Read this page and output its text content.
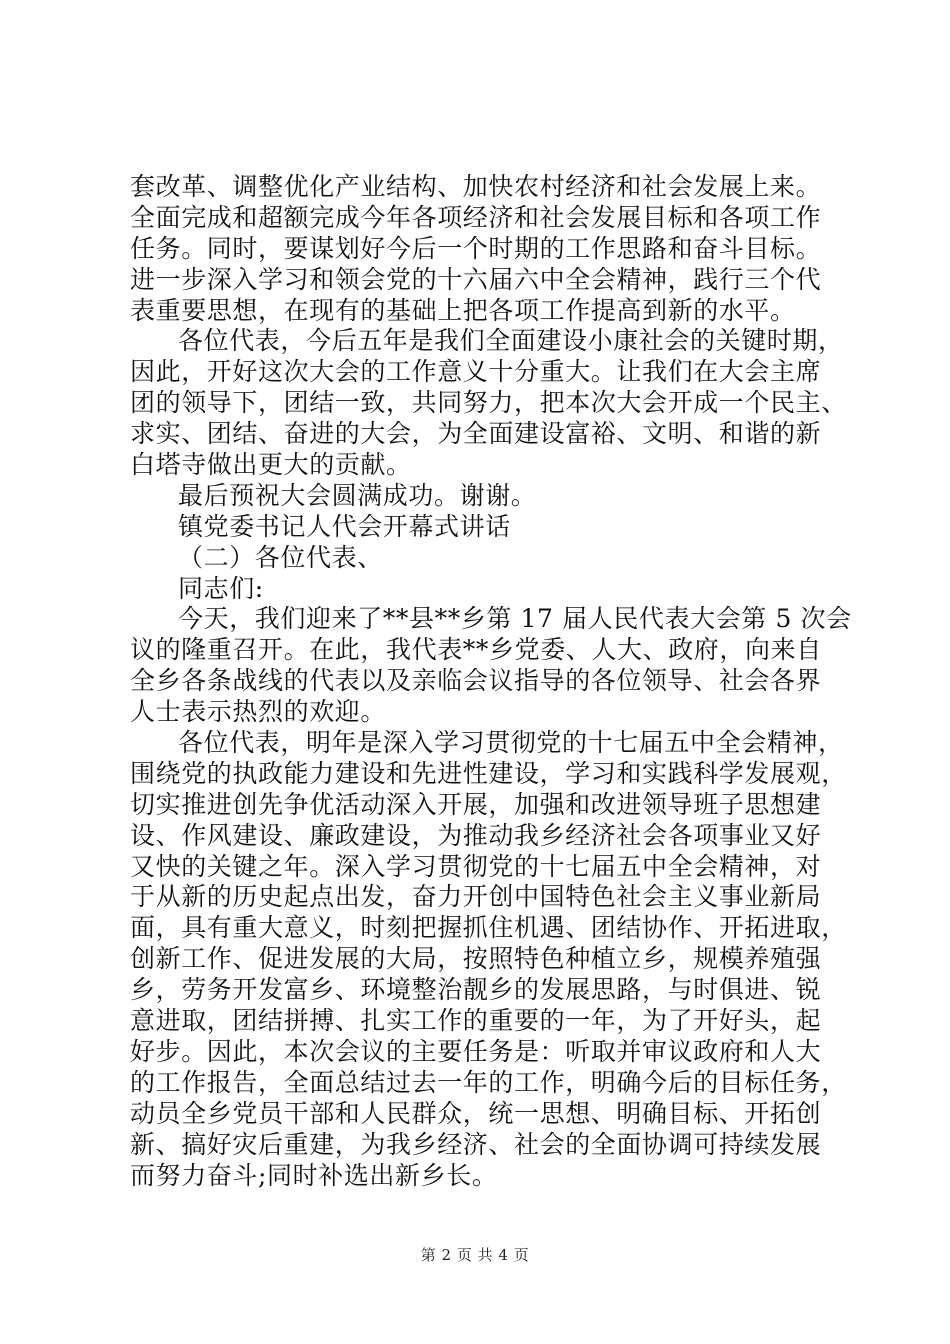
套改革、调整优化产业结构、加快农村经济和社会发展上来。
全面完成和超额完成今年各项经济和社会发展目标和各项工作
任务。同时，要谋划好今后一个时期的工作思路和奋斗目标。
进一步深入学习和领会党的十六届六中全会精神，践行三个代
表重要思想，在现有的基础上把各项工作提高到新的水平。
各位代表，今后五年是我们全面建设小康社会的关键时期，
因此，开好这次大会的工作意义十分重大。让我们在大会主席
团的领导下，团结一致，共同努力，把本次大会开成一个民主、
求实、团结、奋进的大会，为全面建设富裕、文明、和谐的新
白塔寺做出更大的贡献。
最后预祝大会圆满成功。谢谢。
镇党委书记人代会开幕式讲话
（二）各位代表、
同志们:
今天，我们迎来了**县**乡第 17 届人民代表大会第 5 次会
议的隆重召开。在此，我代表**乡党委、人大、政府，向来自
全乡各条战线的代表以及亲临会议指导的各位领导、社会各界
人士表示热烈的欢迎。
各位代表，明年是深入学习贯彻党的十七届五中全会精神，
围绕党的执政能力建设和先进性建设，学习和实践科学发展观，
切实推进创先争优活动深入开展，加强和改进领导班子思想建
设、作风建设、廉政建设，为推动我乡经济社会各项事业又好
又快的关键之年。深入学习贯彻党的十七届五中全会精神，对
于从新的历史起点出发，奋力开创中国特色社会主义事业新局
面，具有重大意义，时刻把握抓住机遇、团结协作、开拓进取，
创新工作、促进发展的大局，按照特色种植立乡，规模养殖强
乡，劳务开发富乡、环境整治靓乡的发展思路，与时俱进、锐
意进取，团结拼搏、扎实工作的重要的一年，为了开好头，起
好步。因此，本次会议的主要任务是：听取并审议政府和人大
的工作报告，全面总结过去一年的工作，明确今后的目标任务，
动员全乡党员干部和人民群众，统一思想、明确目标、开拓创
新、搞好灾后重建，为我乡经济、社会的全面协调可持续发展
而努力奋斗;同时补选出新乡长。
第 2 页 共 4 页
